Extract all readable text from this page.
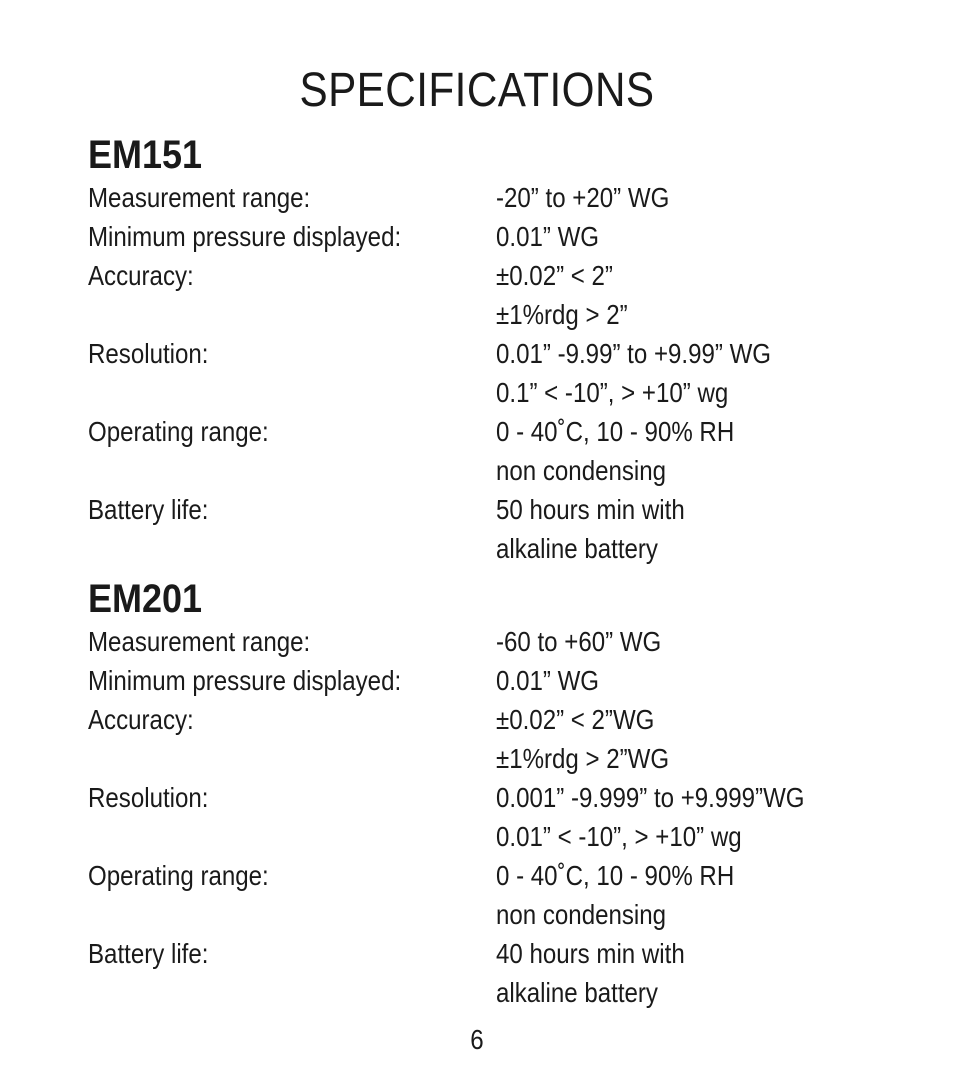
SPECIFICATIONS
EM151
Measurement range:	-20” to +20” WG
Minimum pressure displayed:	0.01” WG
Accuracy:	±0.02” < 2”
±1%rdg > 2”
Resolution:	0.01” -9.99” to +9.99” WG
0.1” < -10”, > +10” wg
Operating range:	0 - 40˚C, 10 - 90% RH
non condensing
Battery life:	50 hours min with
alkaline battery
EM201
Measurement range:	-60 to +60” WG
Minimum pressure displayed:	0.01” WG
Accuracy:	±0.02” < 2”WG
±1%rdg > 2”WG
Resolution:	0.001” -9.999” to +9.999”WG
0.01” < -10”, > +10” wg
Operating range:	0 - 40˚C, 10 - 90% RH
non condensing
Battery life:	40 hours min with
alkaline battery
6
